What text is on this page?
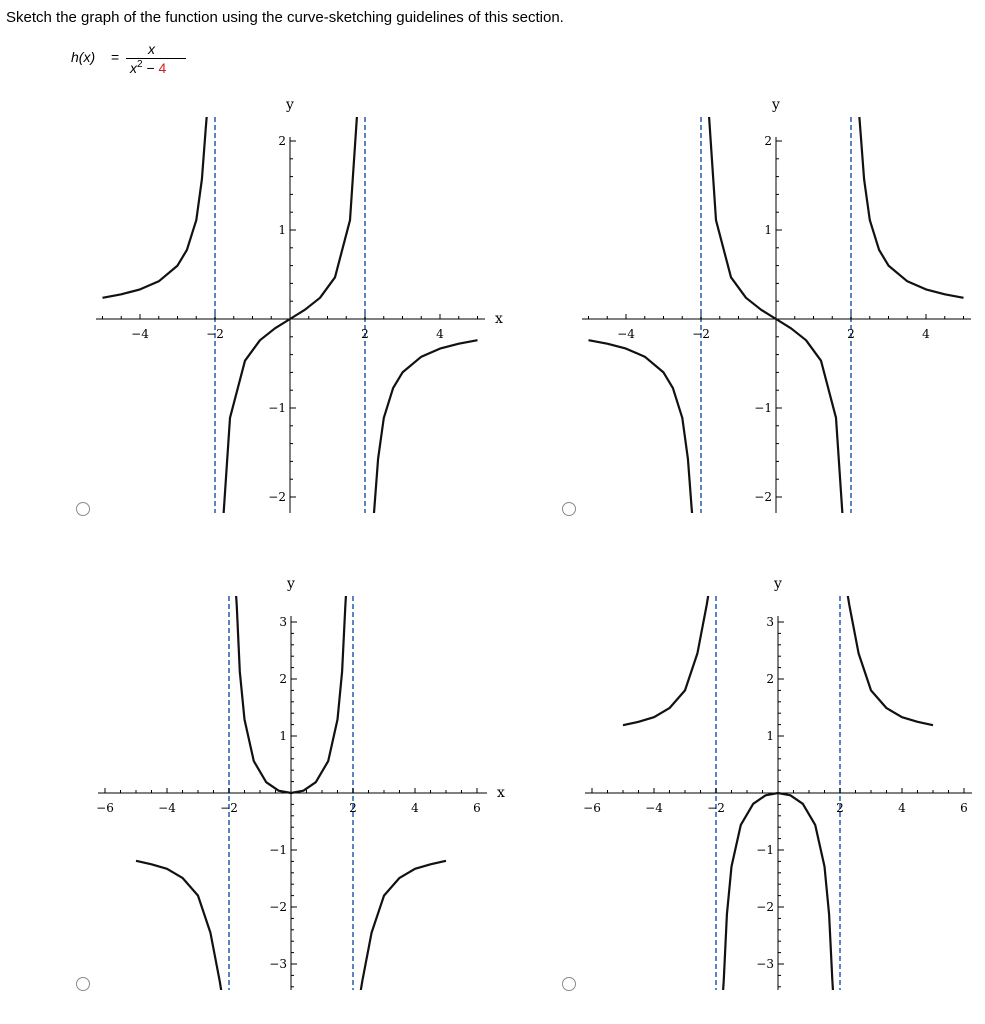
Sketch the graph of the function using the curve-sketching guidelines of this section.
h(x) = x
$x^2 - 4$
−4	−2	2	4
−2
−1
1
2
y
x
−4	−2	2	4
−2
−1
1
2
y
−6	−4	−2	2	4	6
−3
−2
−1
1
2
3
y
x
−6	−4	−2	2	4	6
−3
−2
−1
1
2
3
y
